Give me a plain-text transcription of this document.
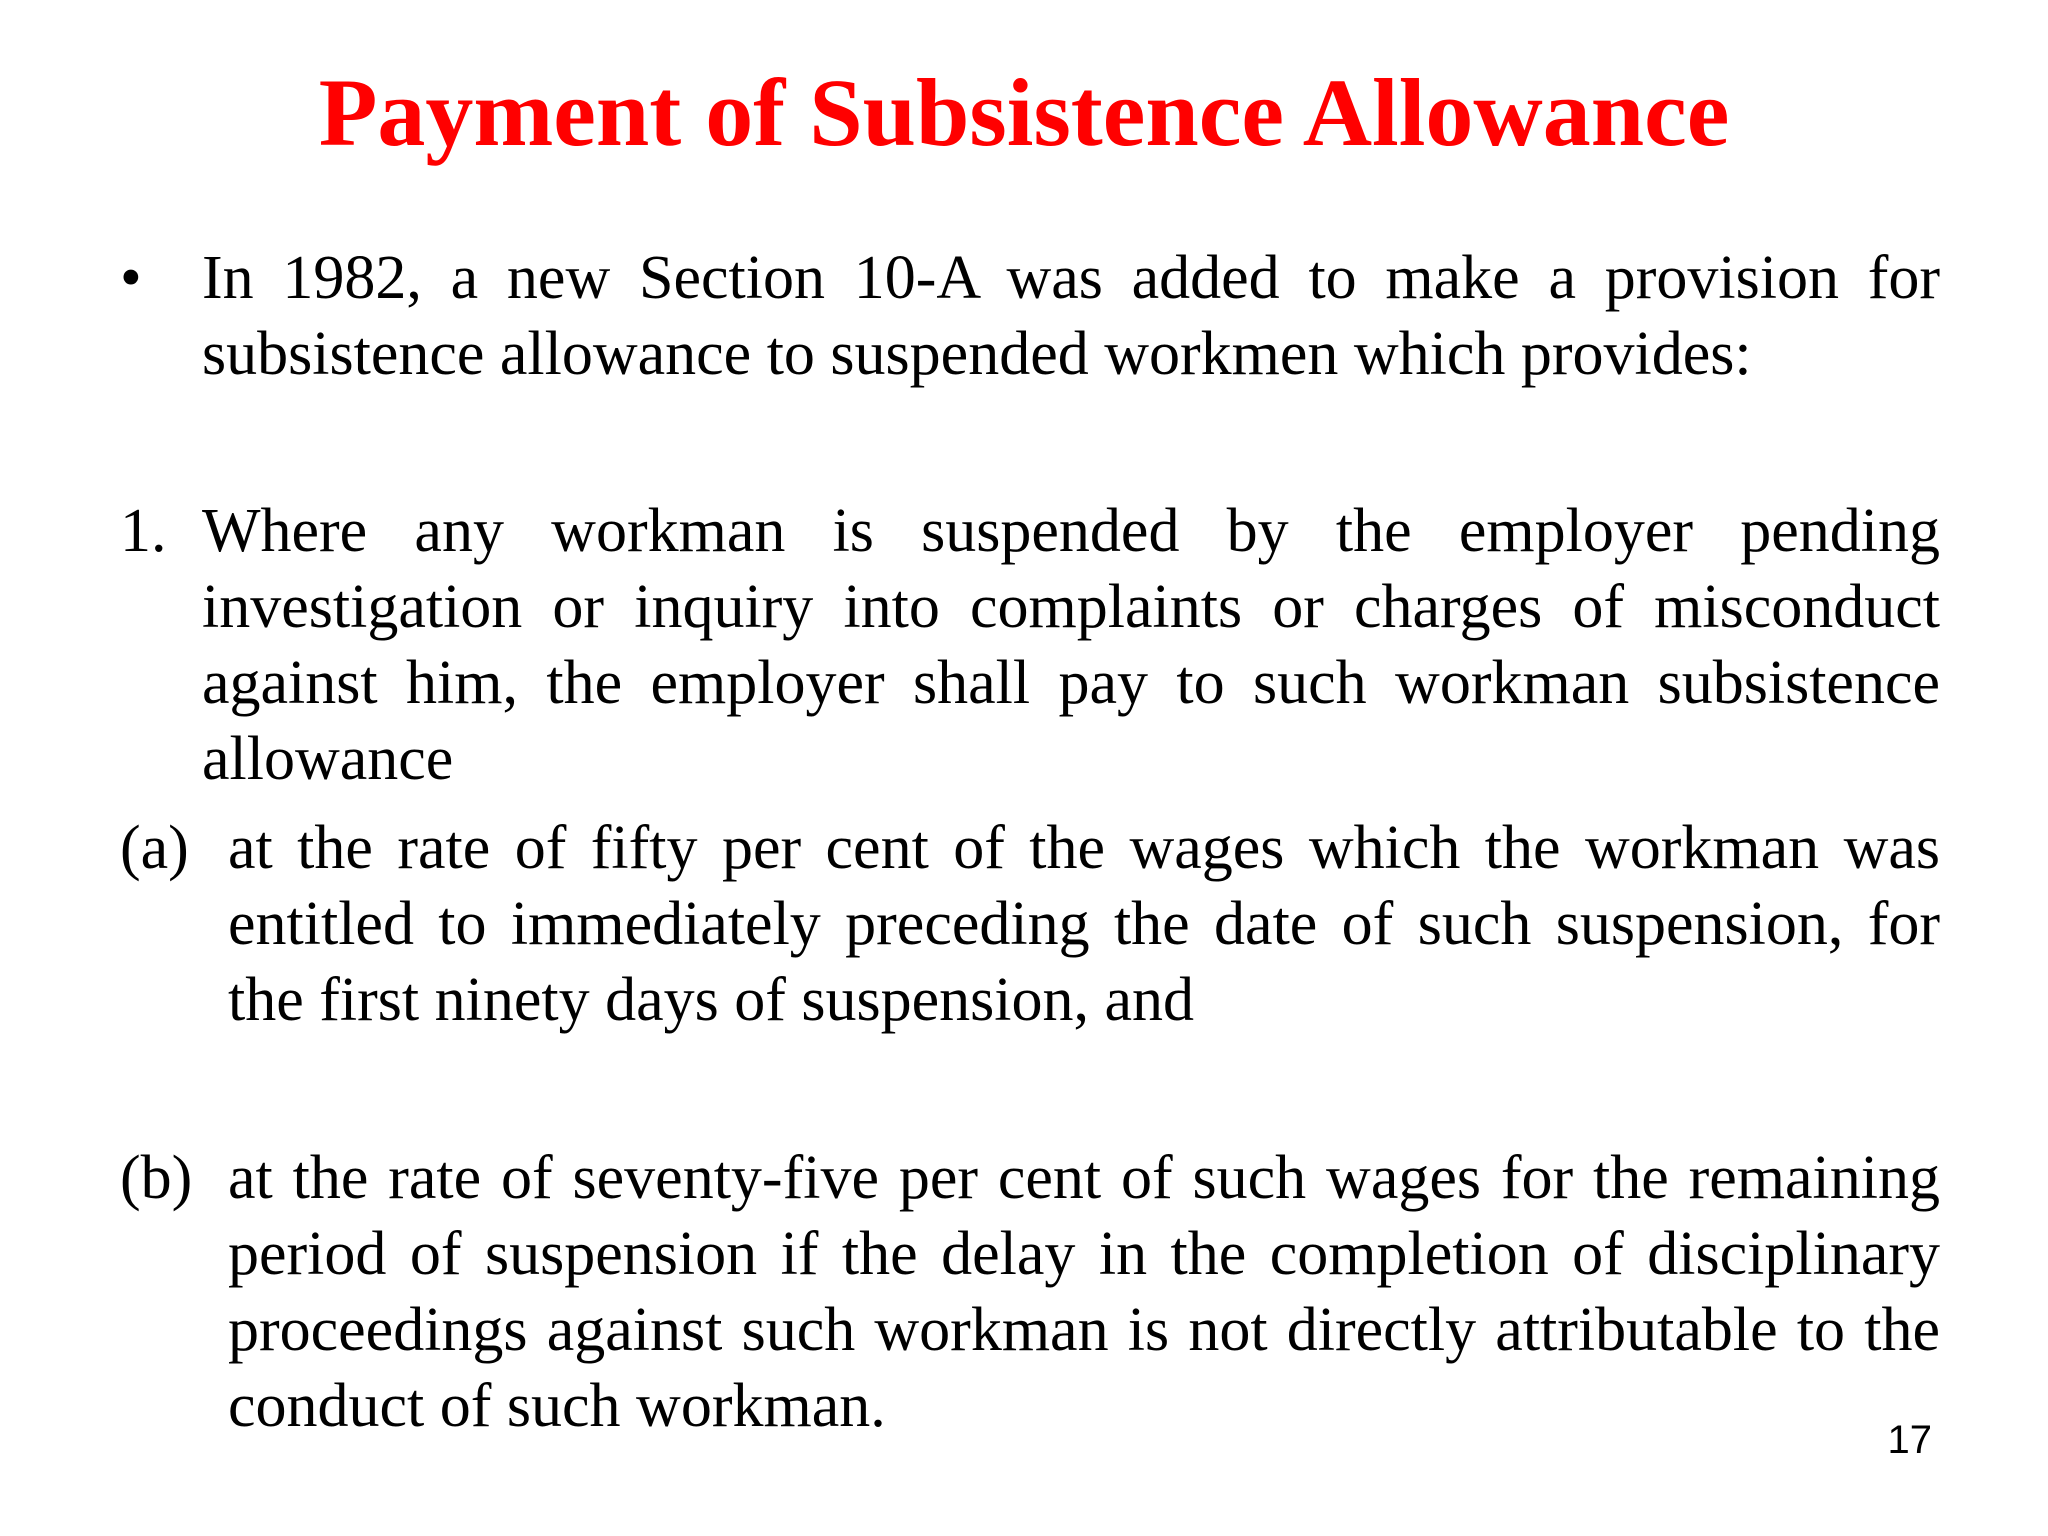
Payment of Subsistence Allowance
• In 1982, a new Section 10-A was added to make a provision for subsistence allowance to suspended workmen which provides:
1. Where any workman is suspended by the employer pending investigation or inquiry into complaints or charges of misconduct against him, the employer shall pay to such workman subsistence allowance
(a) at the rate of fifty per cent of the wages which the workman was entitled to immediately preceding the date of such suspension, for the first ninety days of suspension, and
(b) at the rate of seventy-five per cent of such wages for the remaining period of suspension if the delay in the completion of disciplinary proceedings against such workman is not directly attributable to the conduct of such workman.	17
